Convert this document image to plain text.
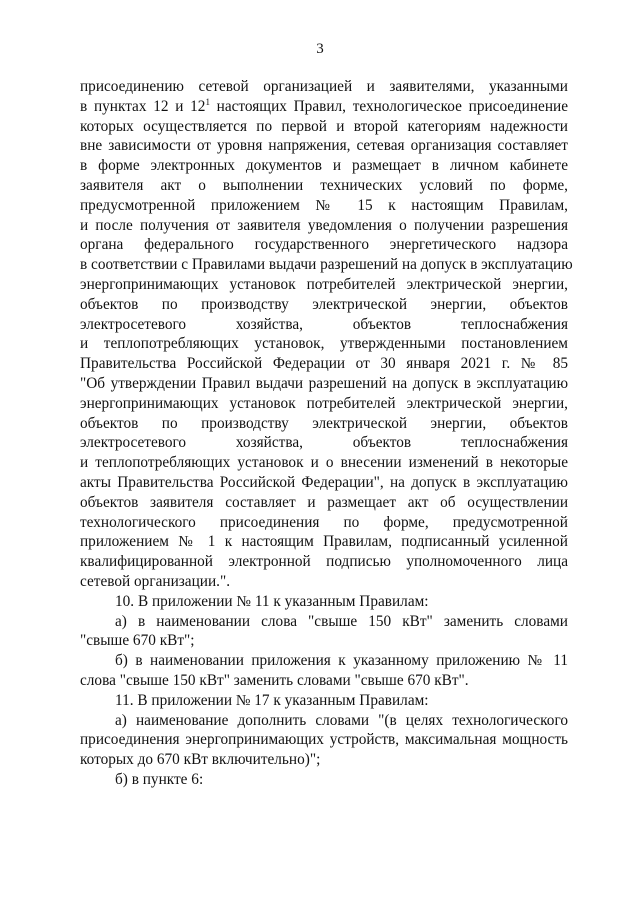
3
присоединению сетевой организацией и заявителями, указанными
в пунктах 12 и $12^1$ настоящих Правил, технологическое присоединение
которых осуществляется по первой и второй категориям надежности
вне зависимости от уровня напряжения, сетевая организация составляет
в форме электронных документов и размещает в личном кабинете
заявителя акт о выполнении технических условий по форме,
предусмотренной приложением № 15 к настоящим Правилам,
и после получения от заявителя уведомления о получении разрешения
органа федерального государственного энергетического надзора
в соответствии с Правилами выдачи разрешений на допуск в эксплуатацию
энергопринимающих установок потребителей электрической энергии,
объектов по производству электрической энергии, объектов
электросетевого хозяйства, объектов теплоснабжения
и теплопотребляющих установок, утвержденными постановлением
Правительства Российской Федерации от 30 января 2021 г. № 85
"Об утверждении Правил выдачи разрешений на допуск в эксплуатацию
энергопринимающих установок потребителей электрической энергии,
объектов по производству электрической энергии, объектов
электросетевого хозяйства, объектов теплоснабжения
и теплопотребляющих установок и о внесении изменений в некоторые
акты Правительства Российской Федерации", на допуск в эксплуатацию
объектов заявителя составляет и размещает акт об осуществлении
технологического присоединения по форме, предусмотренной
приложением № 1 к настоящим Правилам, подписанный усиленной
квалифицированной электронной подписью уполномоченного лица
сетевой организации.".
10. В приложении № 11 к указанным Правилам:
а) в наименовании слова "свыше 150 кВт" заменить словами
"свыше 670 кВт";
б) в наименовании приложения к указанному приложению № 11
слова "свыше 150 кВт" заменить словами "свыше 670 кВт".
11. В приложении № 17 к указанным Правилам:
а) наименование дополнить словами "(в целях технологического
присоединения энергопринимающих устройств, максимальная мощность
которых до 670 кВт включительно)";
б) в пункте 6:
